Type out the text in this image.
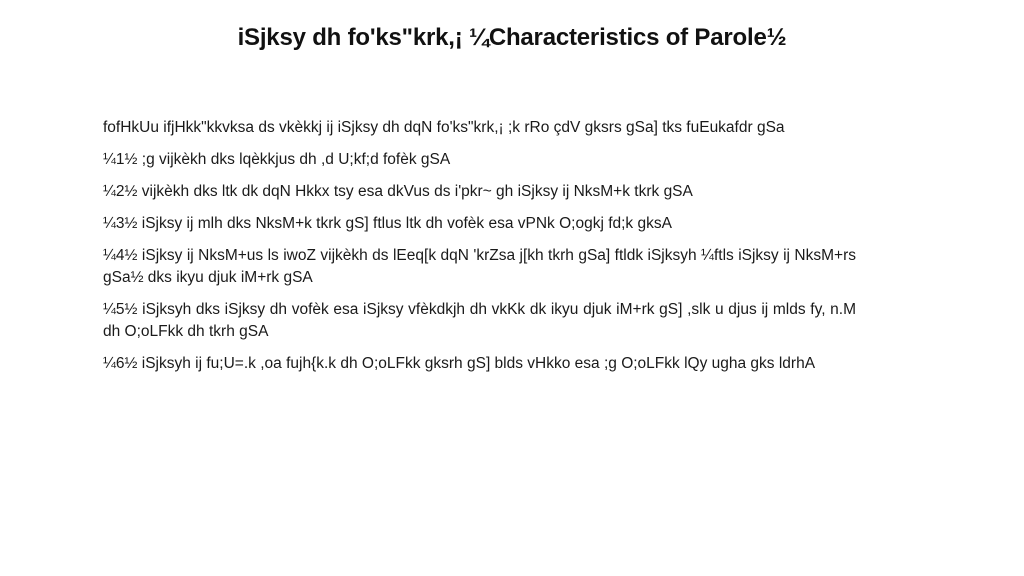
iSjksy dh fo'ks"krk,¡ ¼Characteristics of Parole½

fofHkUu ifjHkk"kkvksa ds vkèkkj ij iSjksy dh dqN fo'ks"krk,¡ ;k rRo çdV gksrs gSa] tks fuEukafdr gSa

¼1½ ;g vijkèkh dks lqèkkjus dh ,d U;kf;d fofèk gSA

¼2½ vijkèkh dks ltk dk dqN Hkkx tsy esa dkVus ds i'pkr~ gh iSjksy ij NksM+k tkrk gSA

¼3½ iSjksy ij mlh dks NksM+k tkrk gS] ftlus ltk dh vofèk esa vPNk O;ogkj fd;k gksA

¼4½ iSjksy ij NksM+us ls iwoZ vijkèkh ds lEeq[k dqN 'krZsa j[kh tkrh gSa] ftldk iSjksyh ¼ftls iSjksy ij NksM+rs gSa½ dks ikyu djuk iM+rk gSA

¼5½ iSjksyh dks iSjksy dh vofèk esa iSjksy vfèkdkjh dh vkKk dk ikyu djuk iM+rk gS] ,slk u djus ij mlds fy, n.M dh O;oLFkk dh tkrh gSA

¼6½ iSjksyh ij fu;U=.k ,oa fujh{k.k dh O;oLFkk gksrh gS] blds vHkko esa ;g O;oLFkk lQy ugha gks ldrhA
